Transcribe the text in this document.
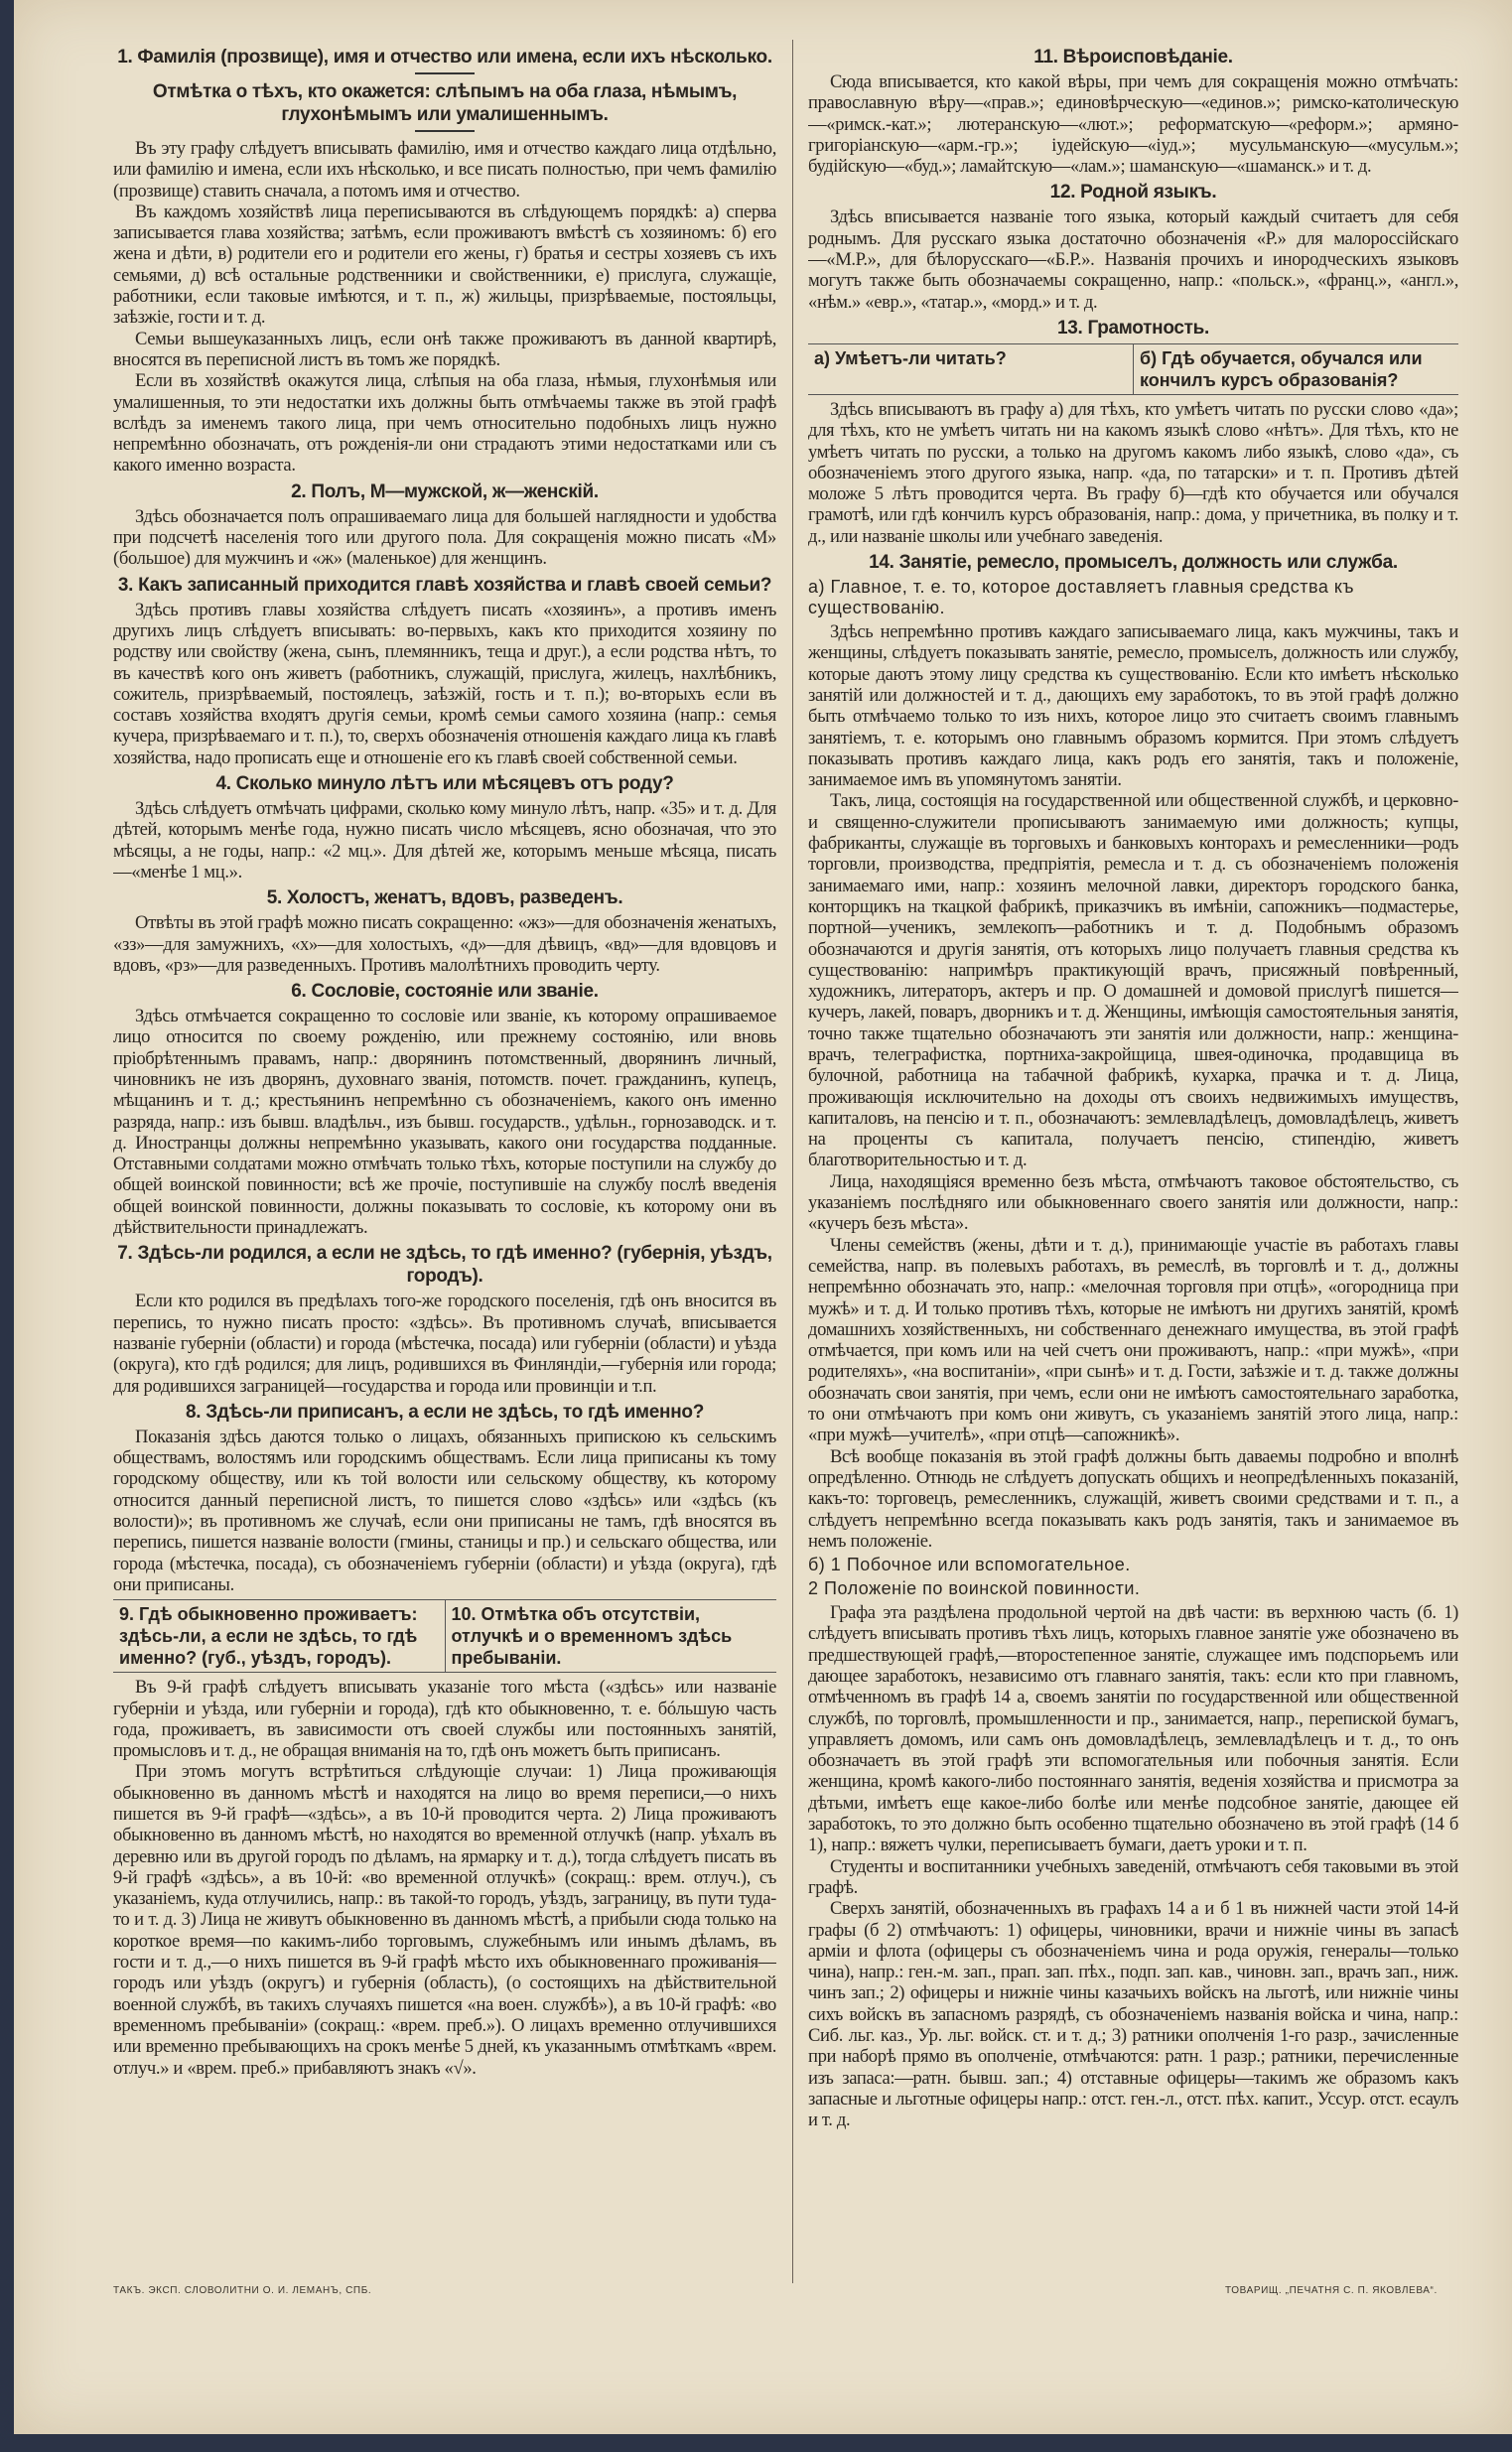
1. Фамилія (прозвище), имя и отчество или имена, если ихъ нѣсколько.
Отмѣтка о тѣхъ, кто окажется: слѣпымъ на оба глаза, нѣмымъ, глухонѣмымъ или умалишеннымъ.

Въ эту графу слѣдуетъ вписывать фамилію, имя и отчество каждаго лица отдѣльно, или фамилію и имена, если ихъ нѣсколько, и все писать полностью, при чемъ фамилію (прозвище) ставить сначала, а потомъ имя и отчество.

Въ каждомъ хозяйствѣ лица переписываются въ слѣдующемъ порядкѣ: а) сперва записывается глава хозяйства; затѣмъ, если проживаютъ вмѣстѣ съ хозяиномъ: б) его жена и дѣти, в) родители его и родители его жены, г) братья и сестры хозяевъ съ ихъ семьями, д) всѣ остальные родственники и свойственники, е) прислуга, служащіе, работники, если таковые имѣются, и т. п., ж) жильцы, призрѣваемые, постояльцы, заѣзжіе, гости и т. д.

Семьи вышеуказанныхъ лицъ, если онѣ также проживаютъ въ данной квартирѣ, вносятся въ переписной листъ въ томъ же порядкѣ.

Если въ хозяйствѣ окажутся лица, слѣпыя на оба глаза, нѣмыя, глухонѣмыя или умалишенныя, то эти недостатки ихъ должны быть отмѣчаемы также въ этой графѣ вслѣдъ за именемъ такого лица, при чемъ относительно подобныхъ лицъ нужно непремѣнно обозначать, отъ рожденія-ли они страдаютъ этими недостатками или съ какого именно возраста.

2. Полъ, М—мужской, ж—женскій.

Здѣсь обозначается полъ опрашиваемаго лица для большей наглядности и удобства при подсчетѣ населенія того или другого пола. Для сокращенія можно писать «М» (большое) для мужчинъ и «ж» (маленькое) для женщинъ.

3. Какъ записанный приходится главѣ хозяйства и главѣ своей семьи?

Здѣсь противъ главы хозяйства слѣдуетъ писать «хозяинъ», а противъ именъ другихъ лицъ слѣдуетъ вписывать: во-первыхъ, какъ кто приходится хозяину по родству или свойству (жена, сынъ, племянникъ, теща и друг.), а если родства нѣтъ, то въ качествѣ кого онъ живетъ (работникъ, служащій, прислуга, жилецъ, нахлѣбникъ, сожитель, призрѣваемый, постоялецъ, заѣзжій, гость и т. п.); во-вторыхъ если въ составъ хозяйства входятъ другія семьи, кромѣ семьи самого хозяина (напр.: семья кучера, призрѣваемаго и т. п.), то, сверхъ обозначенія отношенія каждаго лица къ главѣ хозяйства, надо прописать еще и отношеніе его къ главѣ своей собственной семьи.

4. Сколько минуло лѣтъ или мѣсяцевъ отъ роду?

Здѣсь слѣдуетъ отмѣчать цифрами, сколько кому минуло лѣтъ, напр. «35» и т. д. Для дѣтей, которымъ менѣе года, нужно писать число мѣсяцевъ, ясно обозначая, что это мѣсяцы, а не годы, напр.: «2 мц.». Для дѣтей же, которымъ меньше мѣсяца, писать—«менѣе 1 мц.».

5. Холостъ, женатъ, вдовъ, разведенъ.

Отвѣты въ этой графѣ можно писать сокращенно: «жз»—для обозначенія женатыхъ, «зз»—для замужнихъ, «х»—для холостыхъ, «д»—для дѣвицъ, «вд»—для вдовцовъ и вдовъ, «рз»—для разведенныхъ. Противъ малолѣтнихъ проводить черту.

6. Сословіе, состояніе или званіе.

Здѣсь отмѣчается сокращенно то сословіе или званіе, къ которому опрашиваемое лицо относится по своему рожденію, или прежнему состоянію, или вновь пріобрѣтеннымъ правамъ, напр.: дворянинъ потомственный, дворянинъ личный, чиновникъ не изъ дворянъ, духовнаго званія, потомств. почет. гражданинъ, купецъ, мѣщанинъ и т. д.; крестьянинъ непремѣнно съ обозначеніемъ, какого онъ именно разряда, напр.: изъ бывш. владѣльч., изъ бывш. государств., удѣльн., горнозаводск. и т. д. Иностранцы должны непремѣнно указывать, какого они государства подданные. Отставными солдатами можно отмѣчать только тѣхъ, которые поступили на службу до общей воинской повинности; всѣ же прочіе, поступившіе на службу послѣ введенія общей воинской повинности, должны показывать то сословіе, къ которому они въ дѣйствительности принадлежатъ.

7. Здѣсь-ли родился, а если не здѣсь, то гдѣ именно? (губернія, уѣздъ, городъ).

Если кто родился въ предѣлахъ того-же городского поселенія, гдѣ онъ вносится въ перепись, то нужно писать просто: «здѣсь». Въ противномъ случаѣ, вписывается названіе губерніи (области) и города (мѣстечка, посада) или губерніи (области) и уѣзда (округа), кто гдѣ родился; для лицъ, родившихся въ Финляндіи,—губернія или города; для родившихся заграницей—государства и города или провинціи и т.п.

8. Здѣсь-ли приписанъ, а если не здѣсь, то гдѣ именно?

Показанія здѣсь даются только о лицахъ, обязанныхъ припискою къ сельскимъ обществамъ, волостямъ или городскимъ обществамъ. Если лица приписаны къ тому городскому обществу, или къ той волости или сельскому обществу, къ которому относится данный переписной листъ, то пишется слово «здѣсь» или «здѣсь (къ волости)»; въ противномъ же случаѣ, если они приписаны не тамъ, гдѣ вносятся въ перепись, пишется названіе волости (гмины, станицы и пр.) и сельскаго общества, или города (мѣстечка, посада), съ обозначеніемъ губерніи (области) и уѣзда (округа), гдѣ они приписаны.

9. Гдѣ обыкновенно проживаетъ: здѣсь-ли, а если не здѣсь, то гдѣ именно? (губ., уѣздъ, городъ).
10. Отмѣтка объ отсутствіи, отлучкѣ и о временномъ здѣсь пребываніи.

Въ 9-й графѣ слѣдуетъ вписывать указаніе того мѣста («здѣсь» или названіе губерніи и уѣзда, или губерніи и города), гдѣ кто обыкновенно, т. е. бóльшую часть года, проживаетъ, въ зависимости отъ своей службы или постоянныхъ занятій, промысловъ и т. д., не обращая вниманія на то, гдѣ онъ можетъ быть приписанъ.

При этомъ могутъ встрѣтиться слѣдующіе случаи: 1) Лица проживающія обыкновенно въ данномъ мѣстѣ и находятся на лицо во время переписи,—о нихъ пишется въ 9-й графѣ—«здѣсь», а въ 10-й проводится черта. 2) Лица проживаютъ обыкновенно въ данномъ мѣстѣ, но находятся во временной отлучкѣ (напр. уѣхалъ въ деревню или въ другой городъ по дѣламъ, на ярмарку и т. д.), тогда слѣдуетъ писать въ 9-й графѣ «здѣсь», а въ 10-й: «во временной отлучкѣ» (сокращ.: врем. отлуч.), съ указаніемъ, куда отлучились, напр.: въ такой-то городъ, уѣздъ, заграницу, въ пути туда-то и т. д. 3) Лица не живутъ обыкновенно въ данномъ мѣстѣ, а прибыли сюда только на короткое время—по какимъ-либо торговымъ, служебнымъ или инымъ дѣламъ, въ гости и т. д.,—о нихъ пишется въ 9-й графѣ мѣсто ихъ обыкновеннаго проживанія—городъ или уѣздъ (округъ) и губернія (область), (о состоящихъ на дѣйствительной военной службѣ, въ такихъ случаяхъ пишется «на воен. службѣ»), а въ 10-й графѣ: «во временномъ пребываніи» (сокращ.: «врем. преб.»). О лицахъ временно отлучившихся или временно пребывающихъ на срокъ менѣе 5 дней, къ указаннымъ отмѣткамъ «врем. отлуч.» и «врем. преб.» прибавляютъ знакъ «√».

11. Вѣроисповѣданіе.

Сюда вписывается, кто какой вѣры, при чемъ для сокращенія можно отмѣчать: православную вѣру—«прав.»; единовѣрческую—«единов.»; римско-католическую—«римск.-кат.»; лютеранскую—«лют.»; реформатскую—«реформ.»; армяно-григоріанскую—«арм.-гр.»; іудейскую—«іуд.»; мусульманскую—«мусульм.»; будійскую—«буд.»; ламайтскую—«лам.»; шаманскую—«шаманск.» и т. д.

12. Родной языкъ.

Здѣсь вписывается названіе того языка, который каждый считаетъ для себя роднымъ. Для русскаго языка достаточно обозначенія «Р.» для малороссійскаго—«М.Р.», для бѣлорусскаго—«Б.Р.». Названія прочихъ и инородческихъ языковъ могутъ также быть обозначаемы сокращенно, напр.: «польск.», «франц.», «англ.», «нѣм.» «евр.», «татар.», «морд.» и т. д.

13. Грамотность.
а) Умѣетъ-ли читать?	б) Гдѣ обучается, обучался или кончилъ курсъ образованія?

Здѣсь вписываютъ въ графу а) для тѣхъ, кто умѣетъ читать по русски слово «да»; для тѣхъ, кто не умѣетъ читать ни на какомъ языкѣ слово «нѣтъ». Для тѣхъ, кто не умѣетъ читать по русски, а только на другомъ какомъ либо языкѣ, слово «да», съ обозначеніемъ этого другого языка, напр. «да, по татарски» и т. п. Противъ дѣтей моложе 5 лѣтъ проводится черта. Въ графу б)—гдѣ кто обучается или обучался грамотѣ, или гдѣ кончилъ курсъ образованія, напр.: дома, у причетника, въ полку и т. д., или названіе школы или учебнаго заведенія.

14. Занятіе, ремесло, промыселъ, должность или служба.
а) Главное, т. е. то, которое доставляетъ главныя средства къ существованію.

Здѣсь непремѣнно противъ каждаго записываемаго лица, какъ мужчины, такъ и женщины, слѣдуетъ показывать занятіе, ремесло, промыселъ, должность или службу, которые даютъ этому лицу средства къ существованію. Если кто имѣетъ нѣсколько занятій или должностей и т. д., дающихъ ему заработокъ, то въ этой графѣ должно быть отмѣчаемо только то изъ нихъ, которое лицо это считаетъ своимъ главнымъ занятіемъ, т. е. которымъ оно главнымъ образомъ кормится. При этомъ слѣдуетъ показывать противъ каждаго лица, какъ родъ его занятія, такъ и положеніе, занимаемое имъ въ упомянутомъ занятіи.

Такъ, лица, состоящія на государственной или общественной службѣ, и церковно- и священно-служители прописываютъ занимаемую ими должность; купцы, фабриканты, служащіе въ торговыхъ и банковыхъ конторахъ и ремесленники—родъ торговли, производства, предпріятія, ремесла и т. д. съ обозначеніемъ положенія занимаемаго ими, напр.: хозяинъ мелочной лавки, директоръ городского банка, конторщикъ на ткацкой фабрикѣ, приказчикъ въ имѣніи, сапожникъ—подмастерье, портной—ученикъ, землекопъ—работникъ и т. д. Подобнымъ образомъ обозначаются и другія занятія, отъ которыхъ лицо получаетъ главныя средства къ существованію: напримѣръ практикующій врачъ, присяжный повѣренный, художникъ, литераторъ, актеръ и пр. О домашней и домовой прислугѣ пишется—кучеръ, лакей, поваръ, дворникъ и т. д. Женщины, имѣющія самостоятельныя занятія, точно также тщательно обозначаютъ эти занятія или должности, напр.: женщина-врачъ, телеграфистка, портниха-закройщица, швея-одиночка, продавщица въ булочной, работница на табачной фабрикѣ, кухарка, прачка и т. д. Лица, проживающія исключительно на доходы отъ своихъ недвижимыхъ имуществъ, капиталовъ, на пенсію и т. п., обозначаютъ: землевладѣлецъ, домовладѣлецъ, живетъ на проценты съ капитала, получаетъ пенсію, стипендію, живетъ благотворительностью и т. д.

Лица, находящіяся временно безъ мѣста, отмѣчаютъ таковое обстоятельство, съ указаніемъ послѣдняго или обыкновеннаго своего занятія или должности, напр.: «кучеръ безъ мѣста».

Члены семействъ (жены, дѣти и т. д.), принимающіе участіе въ работахъ главы семейства, напр. въ полевыхъ работахъ, въ ремеслѣ, въ торговлѣ и т. д., должны непремѣнно обозначать это, напр.: «мелочная торговля при отцѣ», «огородница при мужѣ» и т. д. И только противъ тѣхъ, которые не имѣютъ ни другихъ занятій, кромѣ домашнихъ хозяйственныхъ, ни собственнаго денежнаго имущества, въ этой графѣ отмѣчается, при комъ или на чей счетъ они проживаютъ, напр.: «при мужѣ», «при родителяхъ», «на воспитаніи», «при сынѣ» и т. д. Гости, заѣзжіе и т. д. также должны обозначать свои занятія, при чемъ, если они не имѣютъ самостоятельнаго заработка, то они отмѣчаютъ при комъ они живутъ, съ указаніемъ занятій этого лица, напр.: «при мужѣ—учителѣ», «при отцѣ—сапожникѣ».

Всѣ вообще показанія въ этой графѣ должны быть даваемы подробно и вполнѣ опредѣленно. Отнюдь не слѣдуетъ допускать общихъ и неопредѣленныхъ показаній, какъ-то: торговецъ, ремесленникъ, служащій, живетъ своими средствами и т. п., а слѣдуетъ непремѣнно всегда показывать какъ родъ занятія, такъ и занимаемое въ немъ положеніе.

б) 1 Побочное или вспомогательное.
2 Положеніе по воинской повинности.

Графа эта раздѣлена продольной чертой на двѣ части: въ верхнюю часть (б. 1) слѣдуетъ вписывать противъ тѣхъ лицъ, которыхъ главное занятіе уже обозначено въ предшествующей графѣ,—второстепенное занятіе, служащее имъ подспорьемъ или дающее заработокъ, независимо отъ главнаго занятія, такъ: если кто при главномъ, отмѣченномъ въ графѣ 14 а, своемъ занятіи по государственной или общественной службѣ, по торговлѣ, промышленности и пр., занимается, напр., перепиской бумагъ, управляетъ домомъ, или самъ онъ домовладѣлецъ, землевладѣлецъ и т. д., то онъ обозначаетъ въ этой графѣ эти вспомогательныя или побочныя занятія. Если женщина, кромѣ какого-либо постояннаго занятія, веденія хозяйства и присмотра за дѣтьми, имѣетъ еще какое-либо болѣе или менѣе подсобное занятіе, дающее ей заработокъ, то это должно быть особенно тщательно обозначено въ этой графѣ (14 б 1), напр.: вяжетъ чулки, переписываетъ бумаги, даетъ уроки и т. п.

Студенты и воспитанники учебныхъ заведеній, отмѣчаютъ себя таковыми въ этой графѣ.

Сверхъ занятій, обозначенныхъ въ графахъ 14 а и б 1 въ нижней части этой 14-й графы (б 2) отмѣчаютъ: 1) офицеры, чиновники, врачи и нижніе чины въ запасѣ арміи и флота (офицеры съ обозначеніемъ чина и рода оружія, генералы—только чина), напр.: ген.-м. зап., прап. зап. пѣх., подп. зап. кав., чиновн. зап., врачъ зап., ниж. чинъ зап.; 2) офицеры и нижніе чины казачьихъ войскъ на льготѣ, или нижніе чины сихъ войскъ въ запасномъ разрядѣ, съ обозначеніемъ названія войска и чина, напр.: Сиб. льг. каз., Ур. льг. войск. ст. и т. д.; 3) ратники ополченія 1-го разр., зачисленные при наборѣ прямо въ ополченіе, отмѣчаются: ратн. 1 разр.; ратники, перечисленные изъ запаса:—ратн. бывш. зап.; 4) отставные офицеры—такимъ же образомъ какъ запасные и льготные офицеры напр.: отст. ген.-л., отст. пѣх. капит., Уссур. отст. есаулъ и т. д.

ТАКЪ. ЭКСП. СЛОВОЛИТНИ О. И. ЛЕМАНЪ, СПБ.	ТОВАРИЩ. „ПЕЧАТНЯ С. П. ЯКОВЛЕВА“.
